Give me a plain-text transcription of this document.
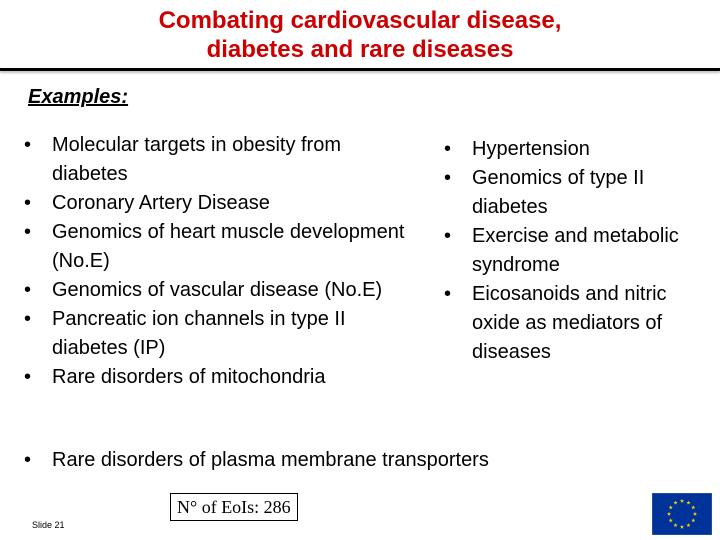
Combating cardiovascular disease,
diabetes and rare diseases
Examples:
• Molecular targets in obesity from diabetes
• Coronary Artery Disease
• Genomics of heart muscle development (No.E)
• Genomics of vascular disease (No.E)
• Pancreatic ion channels in type II diabetes (IP)
• Rare disorders of mitochondria
• Hypertension
• Genomics of type II diabetes
• Exercise and metabolic syndrome
• Eicosanoids and nitric oxide as mediators of diseases
• Rare disorders of plasma membrane transporters
N° of EoIs: 286
Slide 21
